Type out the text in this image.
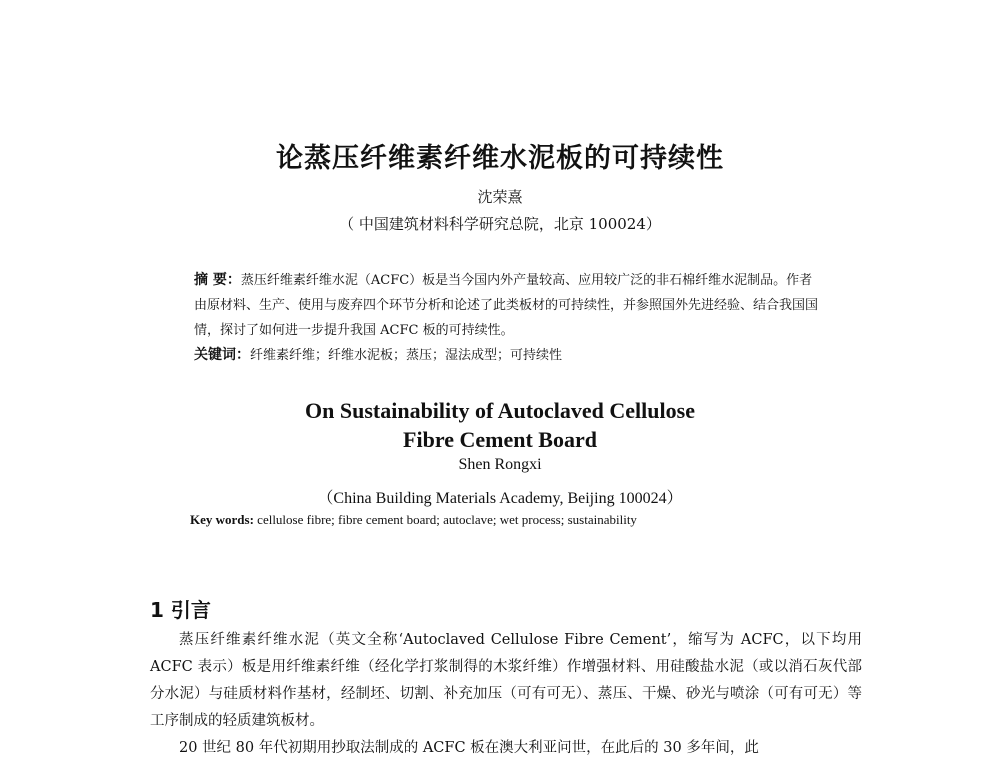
论蒸压纤维素纤维水泥板的可持续性
沈荣熹
（ 中国建筑材料科学研究总院，北京 100024）
摘 要：蒸压纤维素纤维水泥（ACFC）板是当今国内外产量较高、应用较广泛的非石棉纤维水泥制品。作者由原材料、生产、使用与废弃四个环节分析和论述了此类板材的可持续性，并参照国外先进经验、结合我国国情，探讨了如何进一步提升我国 ACFC 板的可持续性。
关键词：纤维素纤维；纤维水泥板；蒸压；湿法成型；可持续性
On Sustainability of Autoclaved Cellulose
Fibre Cement Board
Shen Rongxi
（China Building Materials Academy, Beijing 100024）
Key words: cellulose fibre; fibre cement board; autoclave; wet process; sustainability
1 引言

蒸压纤维素纤维水泥（英文全称‘Autoclaved Cellulose Fibre Cement’，缩写为 ACFC，以下均用 ACFC 表示）板是用纤维素纤维（经化学打浆制得的木浆纤维）作增强材料、用硅酸盐水泥（或以消石灰代部分水泥）与硅质材料作基材，经制坯、切割、补充加压（可有可无）、蒸压、干燥、砂光与喷涂（可有可无）等工序制成的轻质建筑板材。

20 世纪 80 年代初期用抄取法制成的 ACFC 板在澳大利亚问世，在此后的 30 多年间，此
